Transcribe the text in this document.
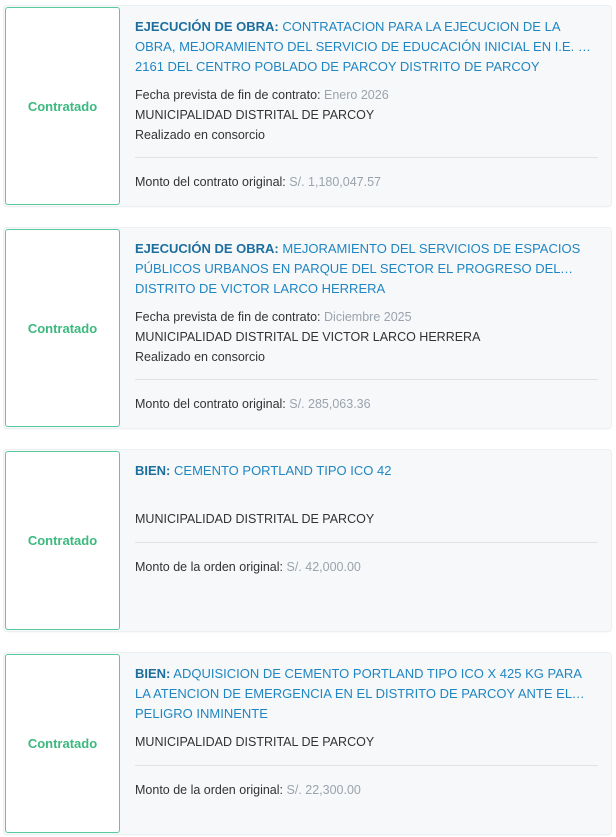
Contratado
EJECUCIÓN DE OBRA: CONTRATACION PARA LA EJECUCION DE LA OBRA, MEJORAMIENTO DEL SERVICIO DE EDUCACIÓN INICIAL EN I.E. N° 2161 DEL CENTRO POBLADO DE PARCOY DISTRITO DE PARCOY
Fecha prevista de fin de contrato: Enero 2026
MUNICIPALIDAD DISTRITAL DE PARCOY
Realizado en consorcio
Monto del contrato original: S/. 1,180,047.57
Contratado
EJECUCIÓN DE OBRA: MEJORAMIENTO DEL SERVICIOS DE ESPACIOS PÚBLICOS URBANOS EN PARQUE DEL SECTOR EL PROGRESO DEL DISTRITO DE VICTOR LARCO HERRERA
Fecha prevista de fin de contrato: Diciembre 2025
MUNICIPALIDAD DISTRITAL DE VICTOR LARCO HERRERA
Realizado en consorcio
Monto del contrato original: S/. 285,063.36
Contratado
BIEN: CEMENTO PORTLAND TIPO ICO 42
MUNICIPALIDAD DISTRITAL DE PARCOY
Monto de la orden original: S/. 42,000.00
Contratado
BIEN: ADQUISICION DE CEMENTO PORTLAND TIPO ICO X 425 KG PARA LA ATENCION DE EMERGENCIA EN EL DISTRITO DE PARCOY ANTE EL PELIGRO INMINENTE
MUNICIPALIDAD DISTRITAL DE PARCOY
Monto de la orden original: S/. 22,300.00
